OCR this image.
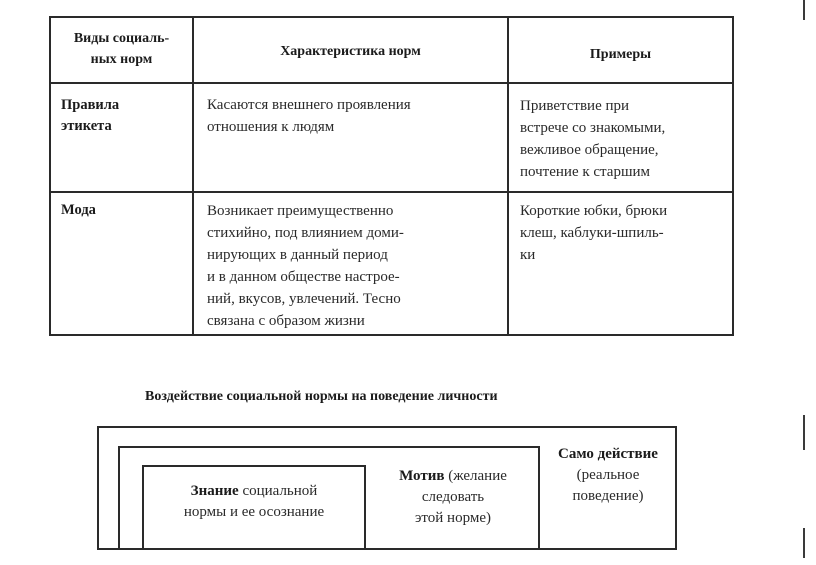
Виды социаль-
ных норм
Характеристика норм	Примеры
Правила
этикета
Касаются внешнего проявления
отношения к людям
Приветствие при
встрече со знакомыми,
вежливое обращение,
почтение к старшим
Мода	Возникает преимущественно
стихийно, под влиянием доми-
нирующих в данный период
и в данном обществе настрое-
ний, вкусов, увлечений. Тесно
связана с образом жизни
Короткие юбки, брюки
клеш, каблуки-шпиль-
ки
Воздействие социальной нормы на поведение личности
Знание социальной
нормы и ее осознание
Мотив (желание
следовать
этой норме)
Само действие
(реальное
поведение)
